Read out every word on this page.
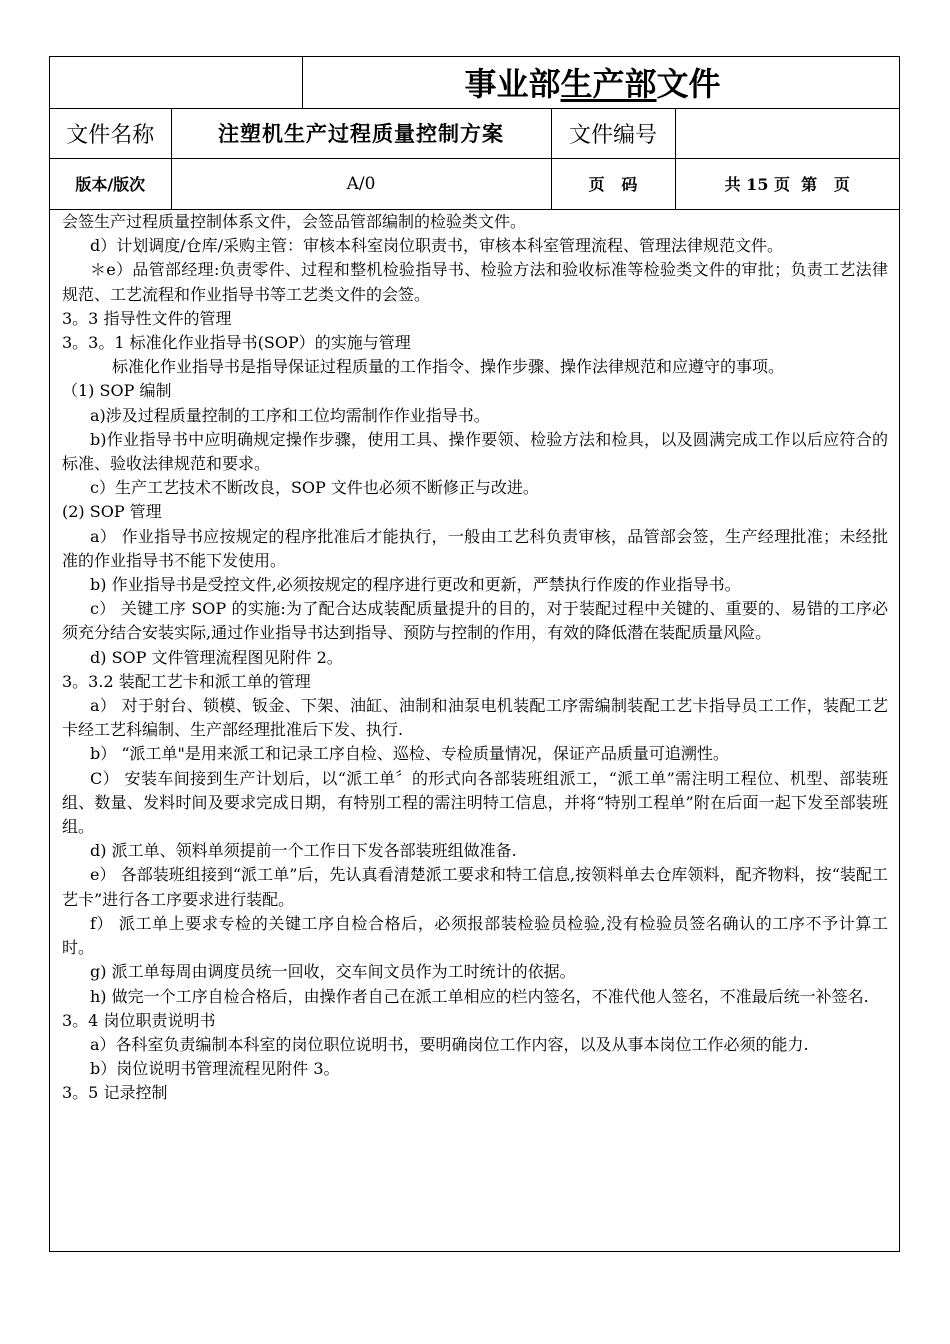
		事业部生产部文件		
文件名称	注塑机生产过程质量控制方案		文件编号	
版本/版次	A/0		页   码	共 15 页  第   页

会签生产过程质量控制体系文件，会签品管部编制的检验类文件。

d）计划调度/仓库/采购主管：审核本科室岗位职责书，审核本科室管理流程、管理法律规范文件。

＊e）品管部经理:负责零件、过程和整机检验指导书、检验方法和验收标准等检验类文件的审批；负责工艺法律规范、工艺流程和作业指导书等工艺类文件的会签。

3。3 指导性文件的管理

3。3。1 标准化作业指导书(SOP）的实施与管理

标准化作业指导书是指导保证过程质量的工作指令、操作步骤、操作法律规范和应遵守的事项。

（1) SOP 编制

a)涉及过程质量控制的工序和工位均需制作作业指导书。

b)作业指导书中应明确规定操作步骤，使用工具、操作要领、检验方法和检具，以及圆满完成工作以后应符合的标准、验收法律规范和要求。

c）生产工艺技术不断改良，SOP 文件也必须不断修正与改进。

(2) SOP 管理

a） 作业指导书应按规定的程序批准后才能执行，一般由工艺科负责审核，品管部会签，生产经理批准；未经批准的作业指导书不能下发使用。

b) 作业指导书是受控文件,必须按规定的程序进行更改和更新，严禁执行作废的作业指导书。

c） 关键工序 SOP 的实施:为了配合达成装配质量提升的目的，对于装配过程中关键的、重要的、易错的工序必须充分结合安装实际,通过作业指导书达到指导、预防与控制的作用，有效的降低潜在装配质量风险。

d) SOP 文件管理流程图见附件 2。

3。3.2 装配工艺卡和派工单的管理

a） 对于射台、锁模、钣金、下架、油缸、油制和油泵电机装配工序需编制装配工艺卡指导员工工作，装配工艺卡经工艺科编制、生产部经理批准后下发、执行.

b） “派工单"是用来派工和记录工序自检、巡检、专检质量情况，保证产品质量可追溯性。

C） 安装车间接到生产计划后，以“派工单〞的形式向各部装班组派工，“派工单”需注明工程位、机型、部装班组、数量、发料时间及要求完成日期，有特别工程的需注明特工信息，并将“特别工程单”附在后面一起下发至部装班组。

d) 派工单、领料单须提前一个工作日下发各部装班组做准备.

e） 各部装班组接到“派工单”后，先认真看清楚派工要求和特工信息,按领料单去仓库领料，配齐物料，按“装配工艺卡”进行各工序要求进行装配。

f） 派工单上要求专检的关键工序自检合格后，必须报部装检验员检验,没有检验员签名确认的工序不予计算工时。

g) 派工单每周由调度员统一回收，交车间文员作为工时统计的依据。

h) 做完一个工序自检合格后，由操作者自己在派工单相应的栏内签名，不准代他人签名，不准最后统一补签名.

3。4 岗位职责说明书

a）各科室负责编制本科室的岗位职位说明书，要明确岗位工作内容，以及从事本岗位工作必须的能力.

b）岗位说明书管理流程见附件 3。

3。5 记录控制
